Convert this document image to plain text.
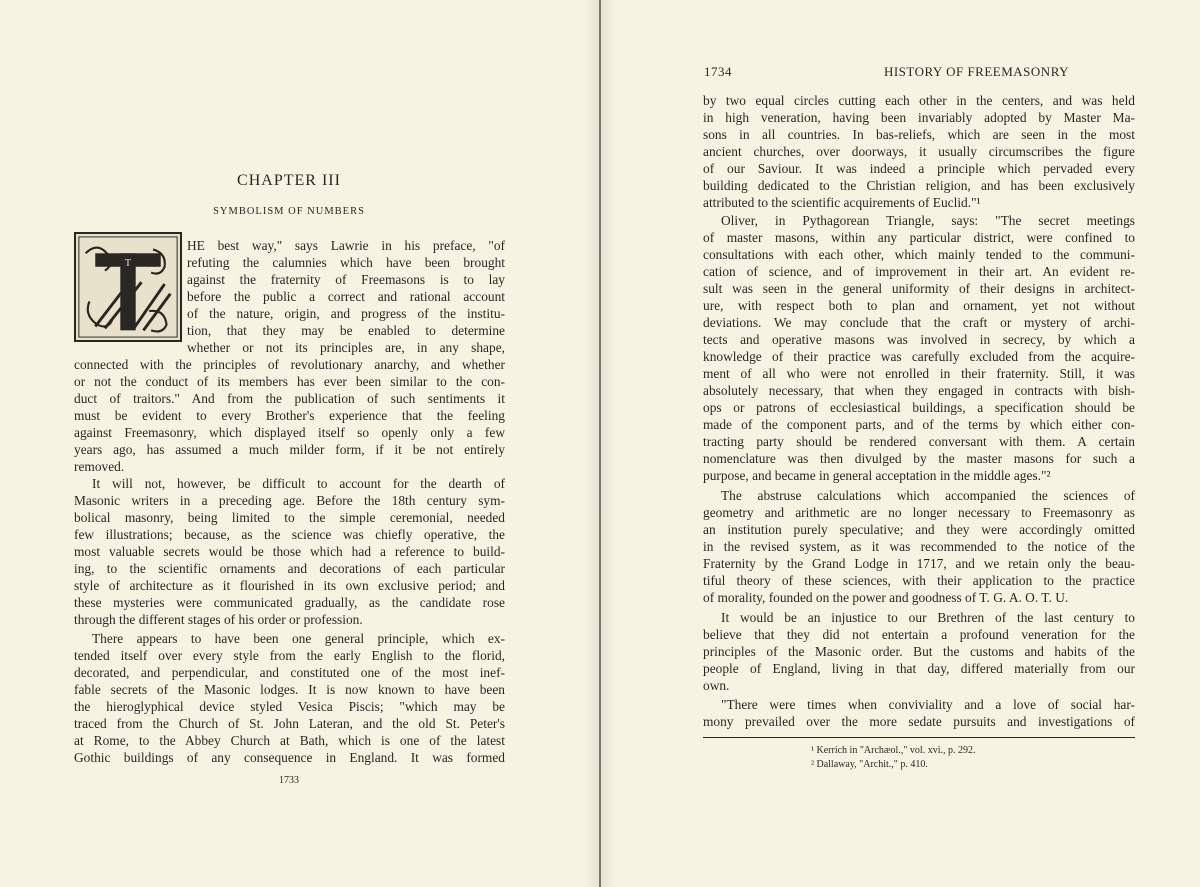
CHAPTER III
SYMBOLISM OF NUMBERS
T
HE best way," says Lawrie in his preface, "of
refuting the calumnies which have been brought
against the fraternity of Freemasons is to lay
before the public a correct and rational account
of the nature, origin, and progress of the institu-
tion, that they may be enabled to determine
whether or not its principles are, in any shape,
connected with the principles of revolutionary anarchy, and whether
or not the conduct of its members has ever been similar to the con-
duct of traitors." And from the publication of such sentiments it
must be evident to every Brother's experience that the feeling
against Freemasonry, which displayed itself so openly only a few
years ago, has assumed a much milder form, if it be not entirely
removed.
It will not, however, be difficult to account for the dearth of
Masonic writers in a preceding age. Before the 18th century sym-
bolical masonry, being limited to the simple ceremonial, needed
few illustrations; because, as the science was chiefly operative, the
most valuable secrets would be those which had a reference to build-
ing, to the scientific ornaments and decorations of each particular
style of architecture as it flourished in its own exclusive period; and
these mysteries were communicated gradually, as the candidate rose
through the different stages of his order or profession.
There appears to have been one general principle, which ex-
tended itself over every style from the early English to the florid,
decorated, and perpendicular, and constituted one of the most inef-
fable secrets of the Masonic lodges. It is now known to have been
the hieroglyphical device styled Vesica Piscis; "which may be
traced from the Church of St. John Lateran, and the old St. Peter's
at Rome, to the Abbey Church at Bath, which is one of the latest
Gothic buildings of any consequence in England. It was formed
1733
1734	HISTORY OF FREEMASONRY
by two equal circles cutting each other in the centers, and was held
in high veneration, having been invariably adopted by Master Ma-
sons in all countries. In bas-reliefs, which are seen in the most
ancient churches, over doorways, it usually circumscribes the figure
of our Saviour. It was indeed a principle which pervaded every
building dedicated to the Christian religion, and has been exclusively
attributed to the scientific acquirements of Euclid."¹
Oliver, in Pythagorean Triangle, says: "The secret meetings
of master masons, within any particular district, were confined to
consultations with each other, which mainly tended to the communi-
cation of science, and of improvement in their art. An evident re-
sult was seen in the general uniformity of their designs in architect-
ure, with respect both to plan and ornament, yet not without
deviations. We may conclude that the craft or mystery of archi-
tects and operative masons was involved in secrecy, by which a
knowledge of their practice was carefully excluded from the acquire-
ment of all who were not enrolled in their fraternity. Still, it was
absolutely necessary, that when they engaged in contracts with bish-
ops or patrons of ecclesiastical buildings, a specification should be
made of the component parts, and of the terms by which either con-
tracting party should be rendered conversant with them. A certain
nomenclature was then divulged by the master masons for such a
purpose, and became in general acceptation in the middle ages."²
The abstruse calculations which accompanied the sciences of
geometry and arithmetic are no longer necessary to Freemasonry as
an institution purely speculative; and they were accordingly omitted
in the revised system, as it was recommended to the notice of the
Fraternity by the Grand Lodge in 1717, and we retain only the beau-
tiful theory of these sciences, with their application to the practice
of morality, founded on the power and goodness of T. G. A. O. T. U.
It would be an injustice to our Brethren of the last century to
believe that they did not entertain a profound veneration for the
principles of the Masonic order. But the customs and habits of the
people of England, living in that day, differed materially from our
own.
"There were times when conviviality and a love of social har-
mony prevailed over the more sedate pursuits and investigations of
¹ Kerrich in "Archæol.," vol. xvi., p. 292.
² Dallaway, "Archit.," p. 410.
